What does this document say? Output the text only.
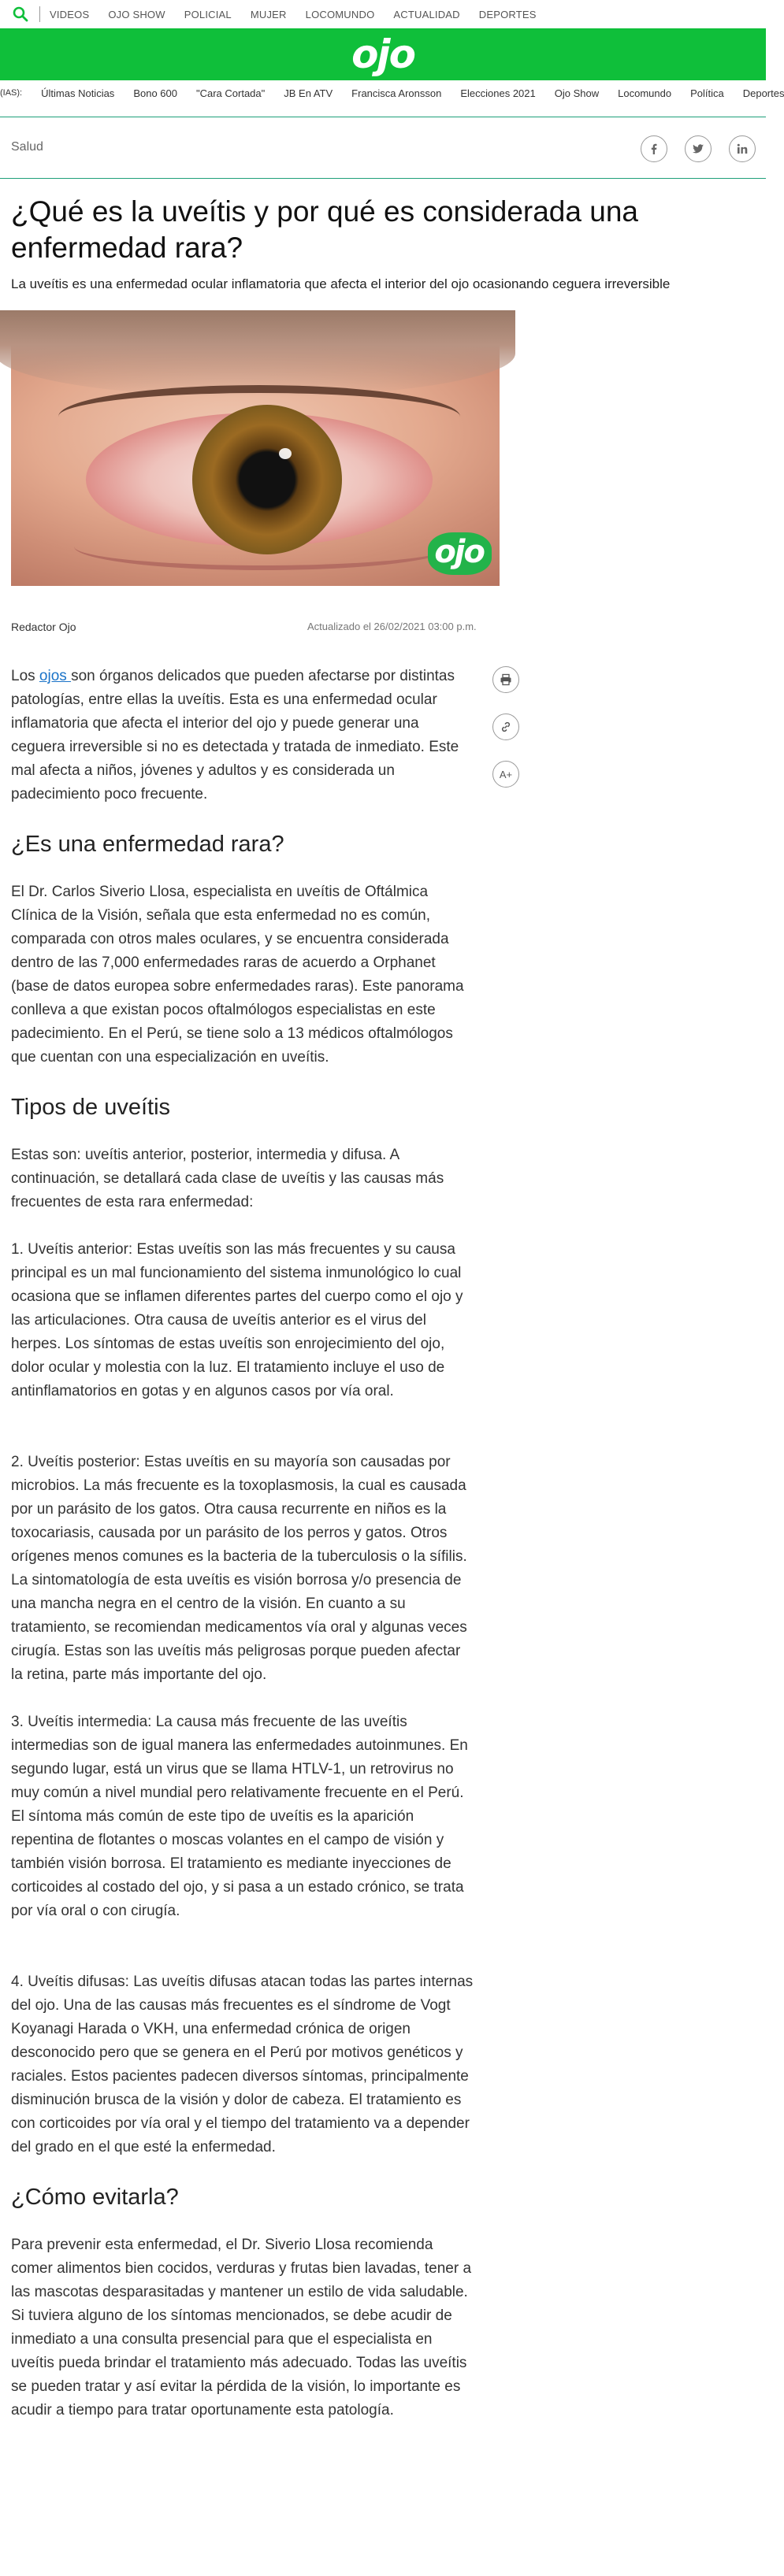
VIDEOS OJO SHOW POLICIAL MUJER LOCOMUNDO ACTUALIDAD DEPORTES
ojo
(IAS): Últimas Noticias Bono 600 "Cara Cortada" JB En ATV Francisca Aronsson Elecciones 2021 Ojo Show Locomundo Política Deportes
Salud
¿Qué es la uveítis y por qué es considerada una enfermedad rara?

La uveítis es una enfermedad ocular inflamatoria que afecta el interior del ojo ocasionando ceguera irreversible

ojo
Redactor Ojo	Actualizado el 26/02/2021 03:00 p.m.
A+

Los ojos son órganos delicados que pueden afectarse por distintas patologías, entre ellas la uveítis. Esta es una enfermedad ocular inflamatoria que afecta el interior del ojo y puede generar una ceguera irreversible si no es detectada y tratada de inmediato. Este mal afecta a niños, jóvenes y adultos y es considerada un padecimiento poco frecuente.

¿Es una enfermedad rara?

El Dr. Carlos Siverio Llosa, especialista en uveítis de Oftálmica Clínica de la Visión, señala que esta enfermedad no es común, comparada con otros males oculares, y se encuentra considerada dentro de las 7,000 enfermedades raras de acuerdo a Orphanet (base de datos europea sobre enfermedades raras). Este panorama conlleva a que existan pocos oftalmólogos especialistas en este padecimiento. En el Perú, se tiene solo a 13 médicos oftalmólogos que cuentan con una especialización en uveítis.

Tipos de uveítis

Estas son: uveítis anterior, posterior, intermedia y difusa. A continuación, se detallará cada clase de uveítis y las causas más frecuentes de esta rara enfermedad:

1. Uveítis anterior: Estas uveítis son las más frecuentes y su causa principal es un mal funcionamiento del sistema inmunológico lo cual ocasiona que se inflamen diferentes partes del cuerpo como el ojo y las articulaciones. Otra causa de uveítis anterior es el virus del herpes. Los síntomas de estas uveítis son enrojecimiento del ojo, dolor ocular y molestia con la luz. El tratamiento incluye el uso de antinflamatorios en gotas y en algunos casos por vía oral.

2. Uveítis posterior: Estas uveítis en su mayoría son causadas por microbios. La más frecuente es la toxoplasmosis, la cual es causada por un parásito de los gatos. Otra causa recurrente en niños es la toxocariasis, causada por un parásito de los perros y gatos. Otros orígenes menos comunes es la bacteria de la tuberculosis o la sífilis. La sintomatología de esta uveítis es visión borrosa y/o presencia de una mancha negra en el centro de la visión. En cuanto a su tratamiento, se recomiendan medicamentos vía oral y algunas veces cirugía. Estas son las uveítis más peligrosas porque pueden afectar la retina, parte más importante del ojo.

3. Uveítis intermedia: La causa más frecuente de las uveítis intermedias son de igual manera las enfermedades autoinmunes. En segundo lugar, está un virus que se llama HTLV-1, un retrovirus no muy común a nivel mundial pero relativamente frecuente en el Perú. El síntoma más común de este tipo de uveítis es la aparición repentina de flotantes o moscas volantes en el campo de visión y también visión borrosa. El tratamiento es mediante inyecciones de corticoides al costado del ojo, y si pasa a un estado crónico, se trata por vía oral o con cirugía.

4. Uveítis difusas: Las uveítis difusas atacan todas las partes internas del ojo. Una de las causas más frecuentes es el síndrome de Vogt Koyanagi Harada o VKH, una enfermedad crónica de origen desconocido pero que se genera en el Perú por motivos genéticos y raciales. Estos pacientes padecen diversos síntomas, principalmente disminución brusca de la visión y dolor de cabeza. El tratamiento es con corticoides por vía oral y el tiempo del tratamiento va a depender del grado en el que esté la enfermedad.

¿Cómo evitarla?

Para prevenir esta enfermedad, el Dr. Siverio Llosa recomienda comer alimentos bien cocidos, verduras y frutas bien lavadas, tener a las mascotas desparasitadas y mantener un estilo de vida saludable. Si tuviera alguno de los síntomas mencionados, se debe acudir de inmediato a una consulta presencial para que el especialista en uveítis pueda brindar el tratamiento más adecuado. Todas las uveítis se pueden tratar y así evitar la pérdida de la visión, lo importante es acudir a tiempo para tratar oportunamente esta patología.
